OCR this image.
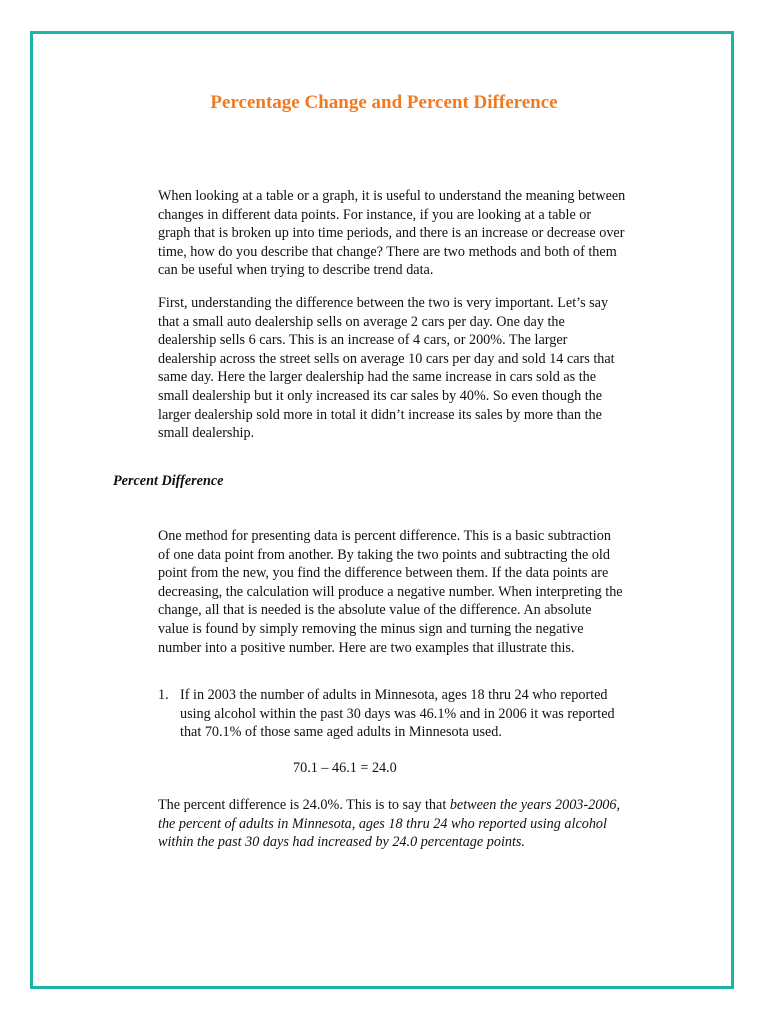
Percentage Change and Percent Difference
When looking at a table or a graph, it is useful to understand the meaning between
changes in different data points. For instance, if you are looking at a table or
graph that is broken up into time periods, and there is an increase or decrease over
time, how do you describe that change? There are two methods and both of them
can be useful when trying to describe trend data.
First, understanding the difference between the two is very important. Let’s say
that a small auto dealership sells on average 2 cars per day. One day the
dealership sells 6 cars. This is an increase of 4 cars, or 200%. The larger
dealership across the street sells on average 10 cars per day and sold 14 cars that
same day. Here the larger dealership had the same increase in cars sold as the
small dealership but it only increased its car sales by 40%. So even though the
larger dealership sold more in total it didn’t increase its sales by more than the
small dealership.
Percent Difference
One method for presenting data is percent difference. This is a basic subtraction
of one data point from another. By taking the two points and subtracting the old
point from the new, you find the difference between them. If the data points are
decreasing, the calculation will produce a negative number. When interpreting the
change, all that is needed is the absolute value of the difference. An absolute
value is found by simply removing the minus sign and turning the negative
number into a positive number. Here are two examples that illustrate this.
1. If in 2003 the number of adults in Minnesota, ages 18 thru 24 who reported
using alcohol within the past 30 days was 46.1% and in 2006 it was reported
that 70.1% of those same aged adults in Minnesota used.

70.1 – 46.1 = 24.0

The percent difference is 24.0%. This is to say that between the years 2003-2006,
the percent of adults in Minnesota, ages 18 thru 24 who reported using alcohol
within the past 30 days had increased by 24.0 percentage points.
